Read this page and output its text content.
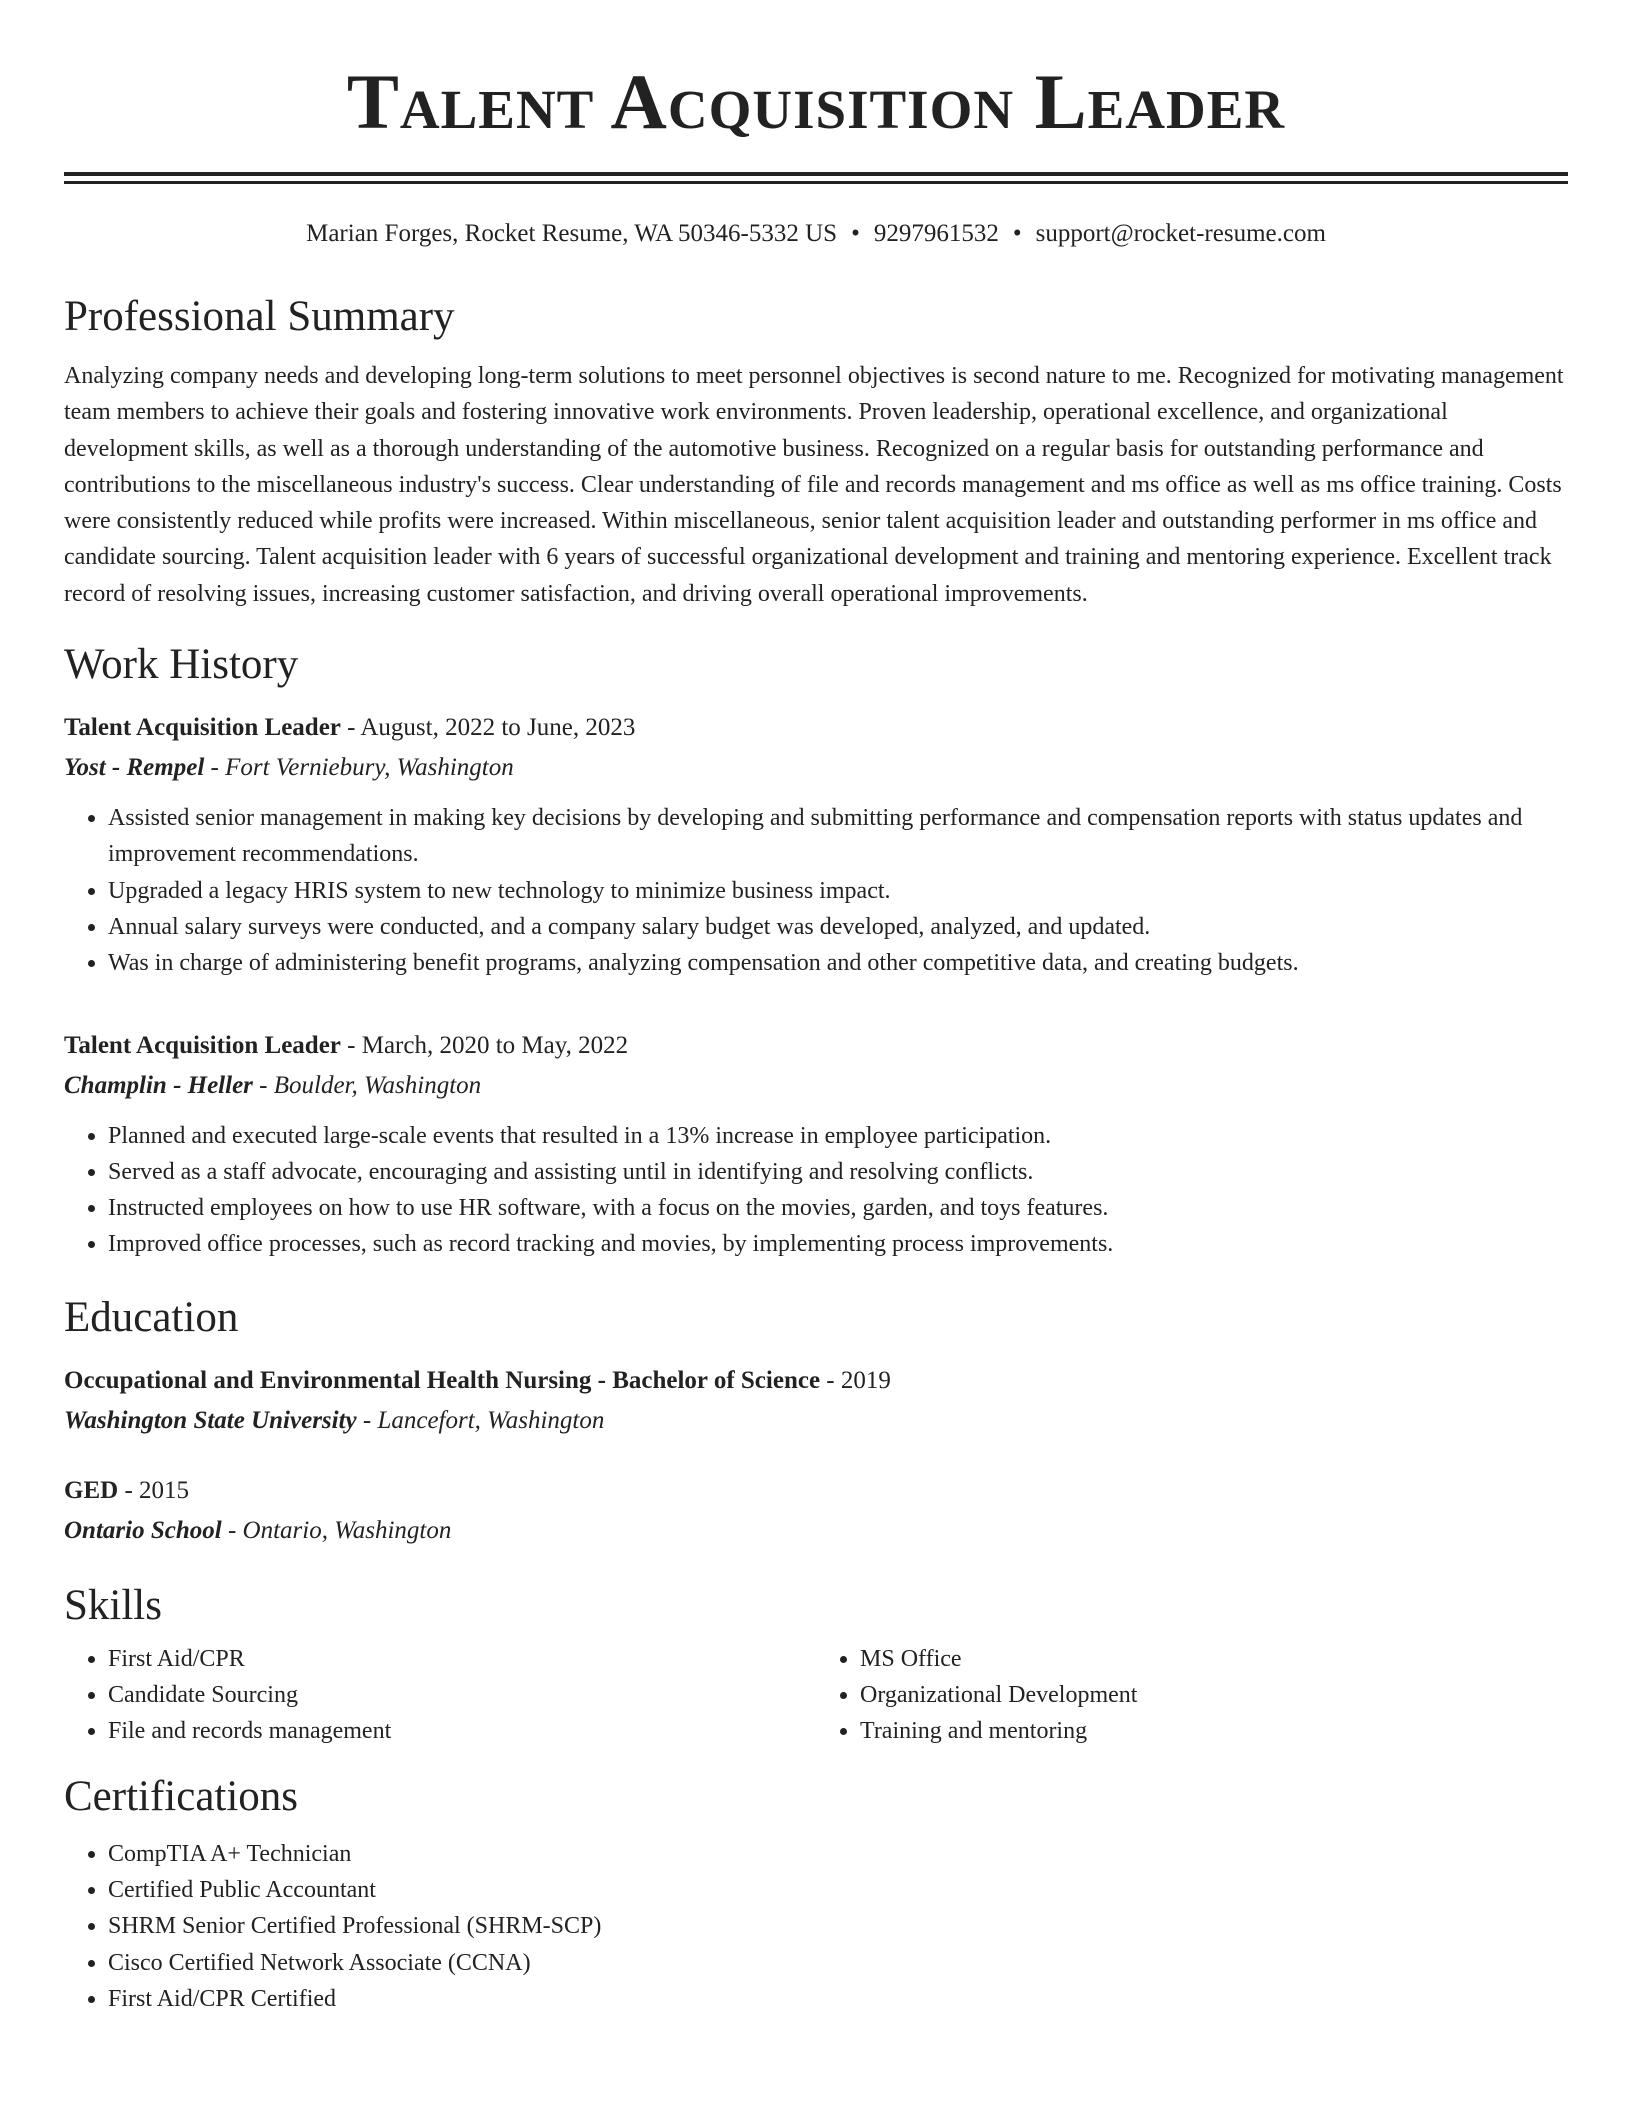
Talent Acquisition Leader
Marian Forges, Rocket Resume, WA 50346-5332 US • 9297961532 • support@rocket-resume.com
Professional Summary

Analyzing company needs and developing long-term solutions to meet personnel objectives is second nature to me. Recognized for motivating management team members to achieve their goals and fostering innovative work environments. Proven leadership, operational excellence, and organizational development skills, as well as a thorough understanding of the automotive business. Recognized on a regular basis for outstanding performance and contributions to the miscellaneous industry's success. Clear understanding of file and records management and ms office as well as ms office training. Costs were consistently reduced while profits were increased. Within miscellaneous, senior talent acquisition leader and outstanding performer in ms office and candidate sourcing. Talent acquisition leader with 6 years of successful organizational development and training and mentoring experience. Excellent track record of resolving issues, increasing customer satisfaction, and driving overall operational improvements.

Work History
Talent Acquisition Leader - August, 2022 to June, 2023
Yost - Rempel - Fort Verniebury, Washington
• Assisted senior management in making key decisions by developing and submitting performance and compensation reports with status updates and improvement recommendations.
• Upgraded a legacy HRIS system to new technology to minimize business impact.
• Annual salary surveys were conducted, and a company salary budget was developed, analyzed, and updated.
• Was in charge of administering benefit programs, analyzing compensation and other competitive data, and creating budgets.
Talent Acquisition Leader - March, 2020 to May, 2022
Champlin - Heller - Boulder, Washington
• Planned and executed large-scale events that resulted in a 13% increase in employee participation.
• Served as a staff advocate, encouraging and assisting until in identifying and resolving conflicts.
• Instructed employees on how to use HR software, with a focus on the movies, garden, and toys features.
• Improved office processes, such as record tracking and movies, by implementing process improvements.
Education
Occupational and Environmental Health Nursing - Bachelor of Science - 2019
Washington State University - Lancefort, Washington
GED - 2015
Ontario School - Ontario, Washington
Skills
• First Aid/CPR
• Candidate Sourcing
• File and records management
• MS Office
• Organizational Development
• Training and mentoring
Certifications
• CompTIA A+ Technician
• Certified Public Accountant
• SHRM Senior Certified Professional (SHRM-SCP)
• Cisco Certified Network Associate (CCNA)
• First Aid/CPR Certified
